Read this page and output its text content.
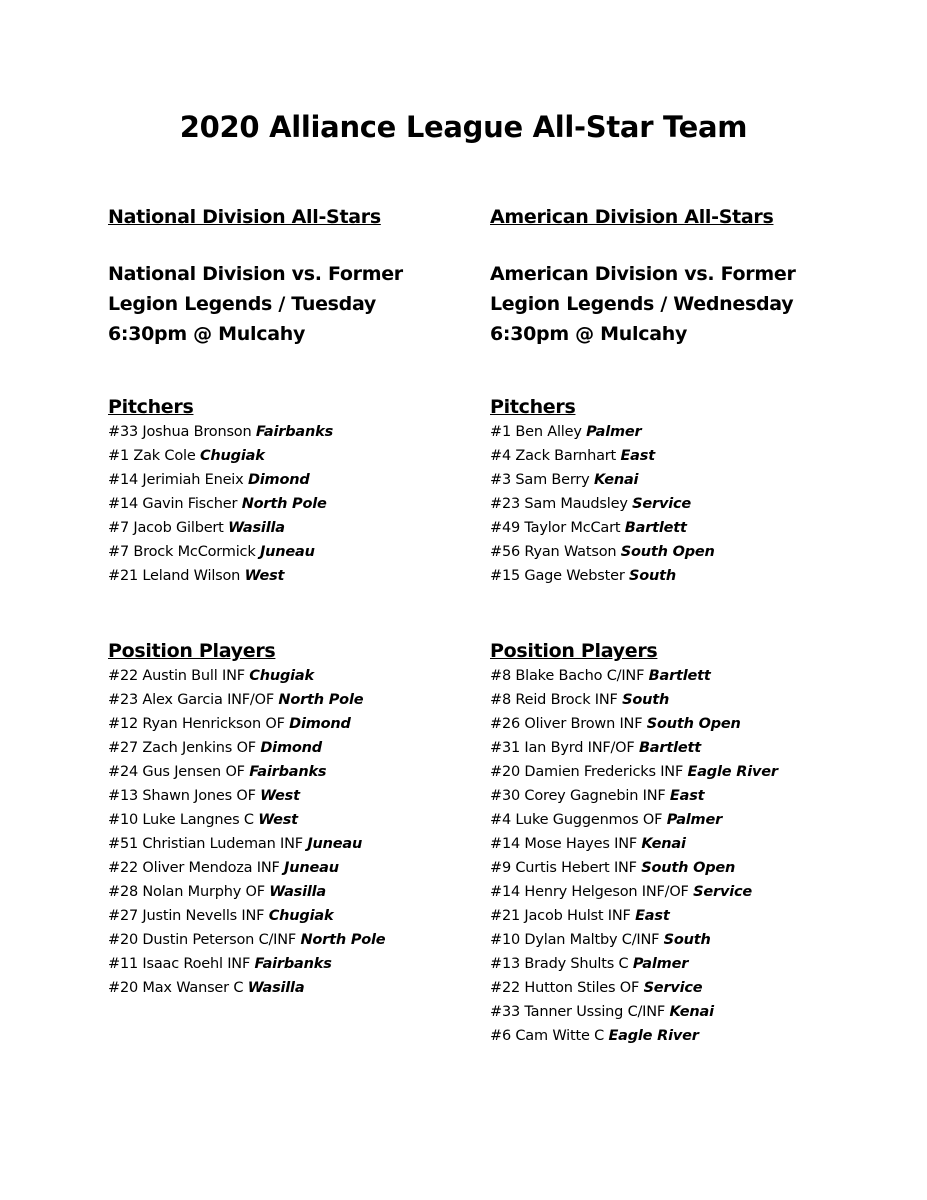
2020 Alliance League All-Star Team
National Division All-Stars
National Division vs. Former
Legion Legends / Tuesday
6:30pm @ Mulcahy
Pitchers
#33 Joshua Bronson Fairbanks
#1 Zak Cole Chugiak
#14 Jerimiah Eneix Dimond
#14 Gavin Fischer North Pole
#7 Jacob Gilbert Wasilla
#7 Brock McCormick Juneau
#21 Leland Wilson West
Position Players
#22 Austin Bull INF Chugiak
#23 Alex Garcia INF/OF North Pole
#12 Ryan Henrickson OF Dimond
#27 Zach Jenkins OF Dimond
#24 Gus Jensen OF Fairbanks
#13 Shawn Jones OF West
#10 Luke Langnes C West
#51 Christian Ludeman INF Juneau
#22 Oliver Mendoza INF Juneau
#28 Nolan Murphy OF Wasilla
#27 Justin Nevells INF Chugiak
#20 Dustin Peterson C/INF North Pole
#11 Isaac Roehl INF Fairbanks
#20 Max Wanser C Wasilla
American Division All-Stars
American Division vs. Former
Legion Legends / Wednesday
6:30pm @ Mulcahy
Pitchers
#1 Ben Alley Palmer
#4 Zack Barnhart East
#3 Sam Berry Kenai
#23 Sam Maudsley Service
#49 Taylor McCart Bartlett
#56 Ryan Watson South Open
#15 Gage Webster South
Position Players
#8 Blake Bacho C/INF Bartlett
#8 Reid Brock INF South
#26 Oliver Brown INF South Open
#31 Ian Byrd INF/OF Bartlett
#20 Damien Fredericks INF Eagle River
#30 Corey Gagnebin INF East
#4 Luke Guggenmos OF Palmer
#14 Mose Hayes INF Kenai
#9 Curtis Hebert INF South Open
#14 Henry Helgeson INF/OF Service
#21 Jacob Hulst INF East
#10 Dylan Maltby C/INF South
#13 Brady Shults C Palmer
#22 Hutton Stiles OF Service
#33 Tanner Ussing C/INF Kenai
#6 Cam Witte C Eagle River
